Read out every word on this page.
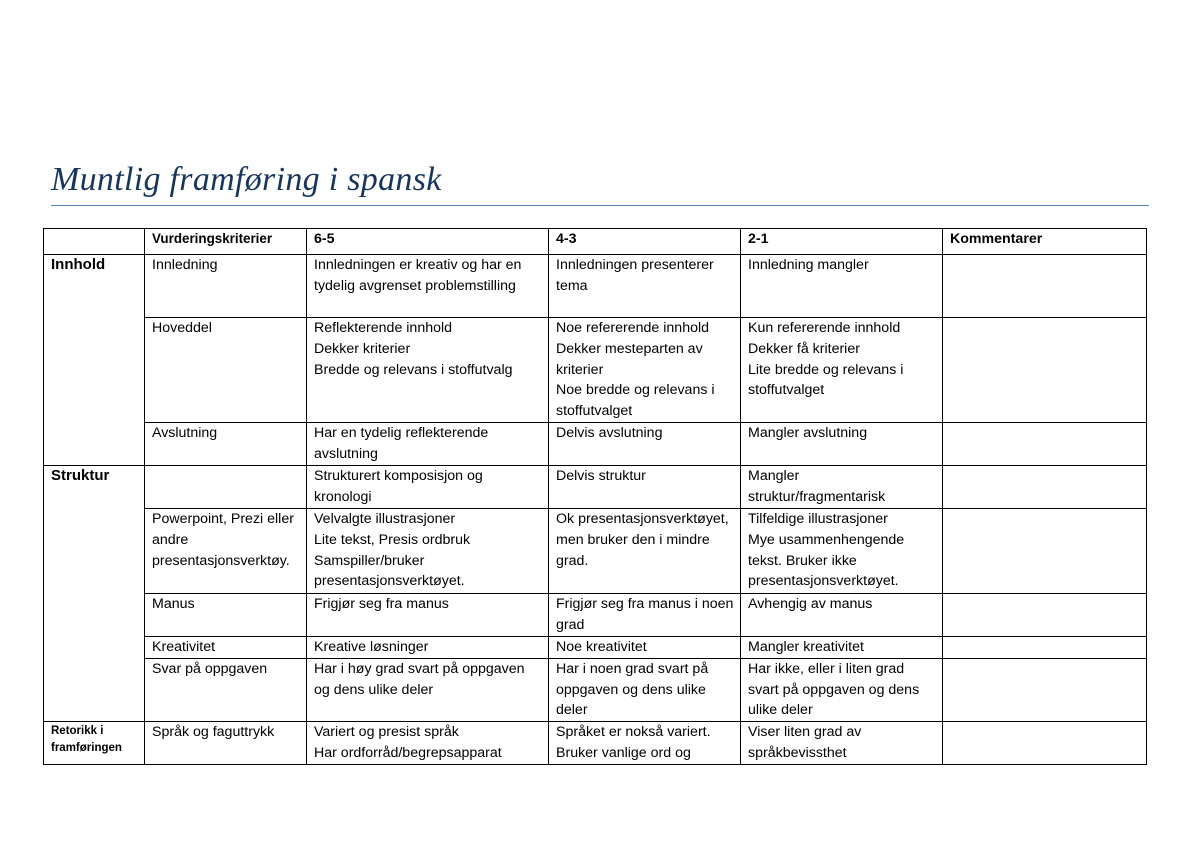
Muntlig framføring i spansk
	Vurderingskriterier	6-5	4-3	2-1	Kommentarer
Innhold	Innledning	Innledningen er kreativ og har en tydelig avgrenset problemstilling	Innledningen presenterer tema	Innledning mangler	

	Hoveddel	Reflekterende innhold
Dekker kriterier
Bredde og relevans i stoffutvalg	Noe refererende innhold
Dekker mesteparten av kriterier
Noe bredde og relevans i stoffutvalget	Kun refererende innhold
Dekker få kriterier
Lite bredde og relevans i stoffutvalget	

	Avslutning	Har en tydelig reflekterende avslutning	Delvis avslutning	Mangler avslutning	

Struktur		Strukturert komposisjon og kronologi	Delvis struktur	Mangler struktur/fragmentarisk	

	Powerpoint, Prezi eller andre presentasjonsverktøy.	Velvalgte illustrasjoner
Lite tekst, Presis ordbruk
Samspiller/bruker presentasjonsverktøyet.	Ok presentasjonsverktøyet, men bruker den i mindre grad.	Tilfeldige illustrasjoner
Mye usammenhengende tekst. Bruker ikke presentasjonsverktøyet.	

	Manus	Frigjør seg fra manus	Frigjør seg fra manus i noen grad	Avhengig av manus	

	Kreativitet	Kreative løsninger	Noe kreativitet	Mangler kreativitet	

	Svar på oppgaven	Har i høy grad svart på oppgaven og dens ulike deler	Har i noen grad svart på oppgaven og dens ulike deler	Har ikke, eller i liten grad svart på oppgaven og dens ulike deler	

Retorikk i framføringen	Språk og faguttrykk	Variert og presist språk
Har ordforråd/begrepsapparat	Språket er nokså variert. Bruker vanlige ord og	Viser liten grad av språkbevissthet	
